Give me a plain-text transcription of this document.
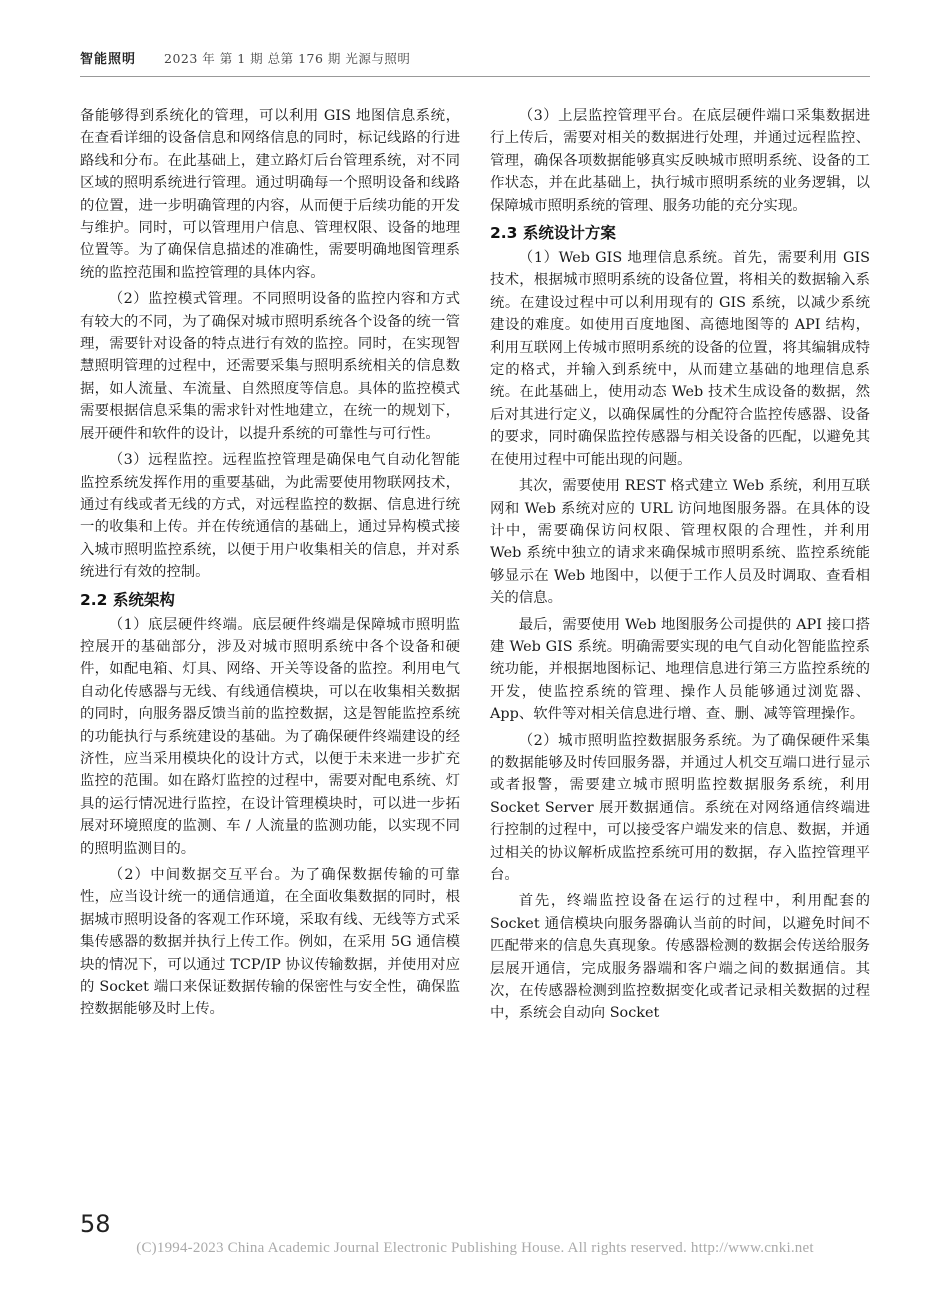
智能照明 2023 年 第 1 期 总第 176 期 光源与照明

备能够得到系统化的管理，可以利用 GIS 地图信息系统，在查看详细的设备信息和网络信息的同时，标记线路的行进路线和分布。在此基础上，建立路灯后台管理系统，对不同区域的照明系统进行管理。通过明确每一个照明设备和线路的位置，进一步明确管理的内容，从而便于后续功能的开发与维护。同时，可以管理用户信息、管理权限、设备的地理位置等。为了确保信息描述的准确性，需要明确地图管理系统的监控范围和监控管理的具体内容。

（2）监控模式管理。不同照明设备的监控内容和方式有较大的不同，为了确保对城市照明系统各个设备的统一管理，需要针对设备的特点进行有效的监控。同时，在实现智慧照明管理的过程中，还需要采集与照明系统相关的信息数据，如人流量、车流量、自然照度等信息。具体的监控模式需要根据信息采集的需求针对性地建立，在统一的规划下，展开硬件和软件的设计，以提升系统的可靠性与可行性。

（3）远程监控。远程监控管理是确保电气自动化智能监控系统发挥作用的重要基础，为此需要使用物联网技术，通过有线或者无线的方式，对远程监控的数据、信息进行统一的收集和上传。并在传统通信的基础上，通过异构模式接入城市照明监控系统，以便于用户收集相关的信息，并对系统进行有效的控制。

2.2 系统架构

（1）底层硬件终端。底层硬件终端是保障城市照明监控展开的基础部分，涉及对城市照明系统中各个设备和硬件，如配电箱、灯具、网络、开关等设备的监控。利用电气自动化传感器与无线、有线通信模块，可以在收集相关数据的同时，向服务器反馈当前的监控数据，这是智能监控系统的功能执行与系统建设的基础。为了确保硬件终端建设的经济性，应当采用模块化的设计方式，以便于未来进一步扩充监控的范围。如在路灯监控的过程中，需要对配电系统、灯具的运行情况进行监控，在设计管理模块时，可以进一步拓展对环境照度的监测、车 / 人流量的监测功能，以实现不同的照明监测目的。

（2）中间数据交互平台。为了确保数据传输的可靠性，应当设计统一的通信通道，在全面收集数据的同时，根据城市照明设备的客观工作环境，采取有线、无线等方式采集传感器的数据并执行上传工作。例如，在采用 5G 通信模块的情况下，可以通过 TCP/IP 协议传输数据，并使用对应的 Socket 端口来保证数据传输的保密性与安全性，确保监控数据能够及时上传。

（3）上层监控管理平台。在底层硬件端口采集数据进行上传后，需要对相关的数据进行处理，并通过远程监控、管理，确保各项数据能够真实反映城市照明系统、设备的工作状态，并在此基础上，执行城市照明系统的业务逻辑，以保障城市照明系统的管理、服务功能的充分实现。

2.3 系统设计方案

（1）Web GIS 地理信息系统。首先，需要利用 GIS 技术，根据城市照明系统的设备位置，将相关的数据输入系统。在建设过程中可以利用现有的 GIS 系统，以减少系统建设的难度。如使用百度地图、高德地图等的 API 结构，利用互联网上传城市照明系统的设备的位置，将其编辑成特定的格式，并输入到系统中，从而建立基础的地理信息系统。在此基础上，使用动态 Web 技术生成设备的数据，然后对其进行定义，以确保属性的分配符合监控传感器、设备的要求，同时确保监控传感器与相关设备的匹配，以避免其在使用过程中可能出现的问题。

其次，需要使用 REST 格式建立 Web 系统，利用互联网和 Web 系统对应的 URL 访问地图服务器。在具体的设计中，需要确保访问权限、管理权限的合理性，并利用 Web 系统中独立的请求来确保城市照明系统、监控系统能够显示在 Web 地图中，以便于工作人员及时调取、查看相关的信息。

最后，需要使用 Web 地图服务公司提供的 API 接口搭建 Web GIS 系统。明确需要实现的电气自动化智能监控系统功能，并根据地图标记、地理信息进行第三方监控系统的开发，使监控系统的管理、操作人员能够通过浏览器、App、软件等对相关信息进行增、查、删、减等管理操作。

（2）城市照明监控数据服务系统。为了确保硬件采集的数据能够及时传回服务器，并通过人机交互端口进行显示或者报警，需要建立城市照明监控数据服务系统，利用 Socket Server 展开数据通信。系统在对网络通信终端进行控制的过程中，可以接受客户端发来的信息、数据，并通过相关的协议解析成监控系统可用的数据，存入监控管理平台。

首先，终端监控设备在运行的过程中，利用配套的 Socket 通信模块向服务器确认当前的时间，以避免时间不匹配带来的信息失真现象。传感器检测的数据会传送给服务层展开通信，完成服务器端和客户端之间的数据通信。其次，在传感器检测到监控数据变化或者记录相关数据的过程中，系统会自动向 Socket

58
(C)1994-2023 China Academic Journal Electronic Publishing House. All rights reserved. http://www.cnki.net
